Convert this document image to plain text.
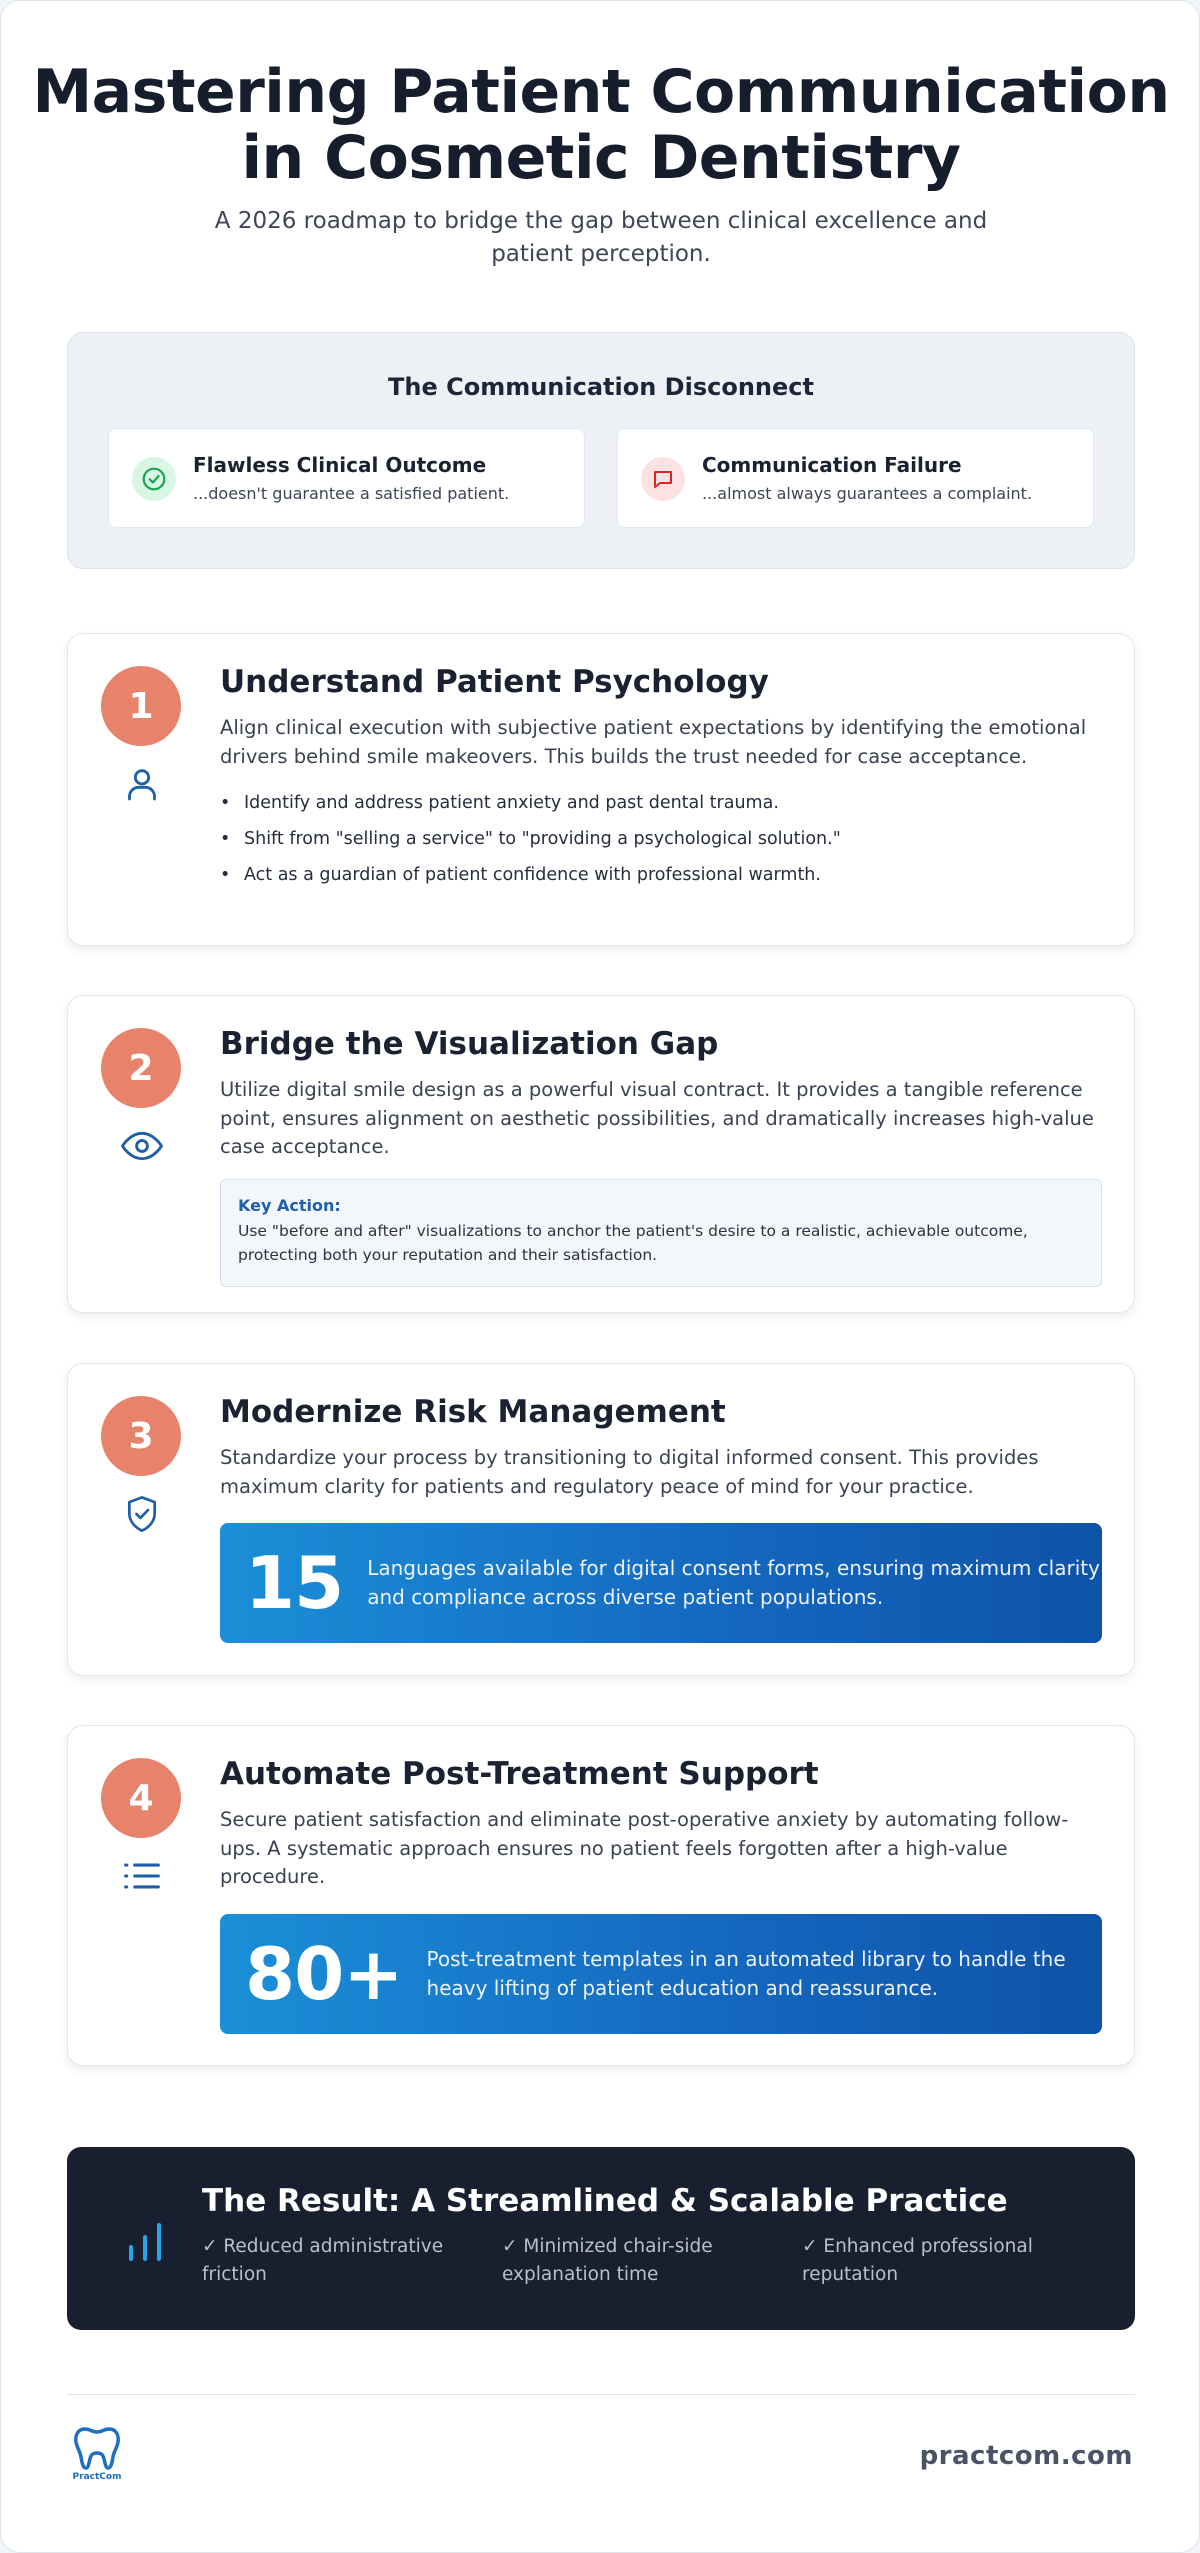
Mastering Patient Communication
in Cosmetic Dentistry

A 2026 roadmap to bridge the gap between clinical excellence and patient perception.

The Communication Disconnect
Flawless Clinical Outcome
...doesn't guarantee a satisfied patient.
Communication Failure
...almost always guarantees a complaint.
1
Understand Patient Psychology

Align clinical execution with subjective patient expectations by identifying the emotional drivers behind smile makeovers. This builds the trust needed for case acceptance.

• Identify and address patient anxiety and past dental trauma.
• Shift from "selling a service" to "providing a psychological solution."
• Act as a guardian of patient confidence with professional warmth.
2
Bridge the Visualization Gap

Utilize digital smile design as a powerful visual contract. It provides a tangible reference point, ensures alignment on aesthetic possibilities, and dramatically increases high-value case acceptance.

Key Action:
Use "before and after" visualizations to anchor the patient's desire to a realistic, achievable outcome, protecting both your reputation and their satisfaction.
3
Modernize Risk Management

Standardize your process by transitioning to digital informed consent. This provides maximum clarity for patients and regulatory peace of mind for your practice.

15	Languages available for digital consent forms, ensuring maximum clarity and compliance across diverse patient populations.
4
Automate Post-Treatment Support

Secure patient satisfaction and eliminate post-operative anxiety by automating follow-ups. A systematic approach ensures no patient feels forgotten after a high-value procedure.

80+	Post-treatment templates in an automated library to handle the heavy lifting of patient education and reassurance.
The Result: A Streamlined & Scalable Practice
✓ Reduced administrative friction
✓ Minimized chair-side explanation time
✓ Enhanced professional reputation
PractCom
practcom.com
